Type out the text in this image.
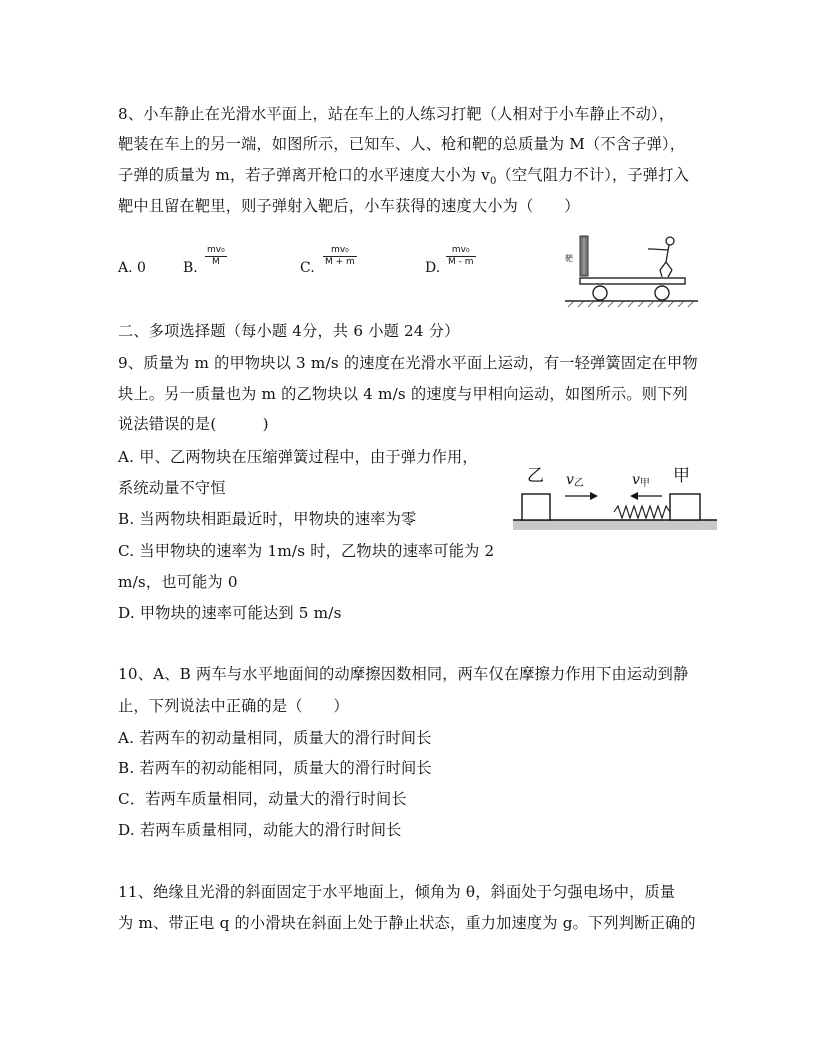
8、小车静止在光滑水平面上，站在车上的人练习打靶（人相对于小车静止不动），
靶装在车上的另一端，如图所示，已知车、人、枪和靶的总质量为 M（不含子弹），
子弹的质量为 m，若子弹离开枪口的水平速度大小为 $v_0$（空气阻力不计），子弹打入
靶中且留在靶里，则子弹射入靶后，小车获得的速度大小为（　　）
A. 0	B.
mv₀
M	C.
mv₀
M + m	D.
mv₀
M - m	靶
二、多项选择题（每小题 4分，共 6 小题 24 分）
9、质量为 m 的甲物块以 3 m/s 的速度在光滑水平面上运动，有一轻弹簧固定在甲物
块上。另一质量也为 m 的乙物块以 4 m/s 的速度与甲相向运动，如图所示。则下列
说法错误的是(　　　)
A. 甲、乙两物块在压缩弹簧过程中，由于弹力作用，
系统动量不守恒
B. 当两物块相距最近时，甲物块的速率为零
C. 当甲物块的速率为 1m/s 时，乙物块的速率可能为 2
m/s，也可能为 0
D. 甲物块的速率可能达到 5 m/s
乙 v乙	v甲 甲
10、A、B 两车与水平地面间的动摩擦因数相同，两车仅在摩擦力作用下由运动到静
止，下列说法中正确的是（　　）
A. 若两车的初动量相同，质量大的滑行时间长
B. 若两车的初动能相同，质量大的滑行时间长
C．若两车质量相同，动量大的滑行时间长
D. 若两车质量相同，动能大的滑行时间长
11、绝缘且光滑的斜面固定于水平地面上，倾角为 θ，斜面处于匀强电场中，质量
为 m、带正电 q 的小滑块在斜面上处于静止状态，重力加速度为 g。下列判断正确的
